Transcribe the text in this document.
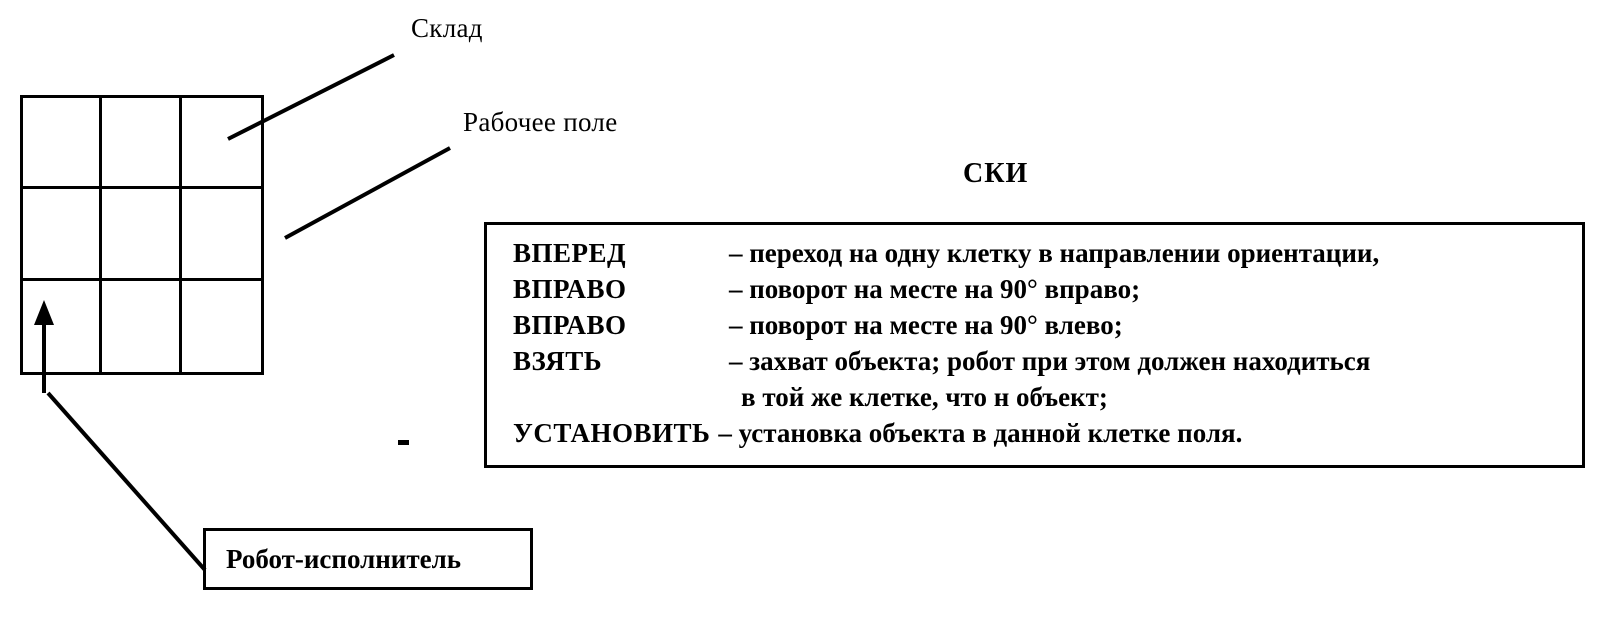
Склад
Рабочее поле
СКИ
ВПЕРЕД	– переход на одну клетку в направлении ориентации,
ВПРАВО	– поворот на месте на 90° вправо;
ВПРАВО	– поворот на месте на 90° влево;
ВЗЯТЬ	– захват объекта; робот при этом должен находиться
в той же клетке, что н объект;
УСТАНОВИТЬ – установка объекта в данной клетке поля.
Робот-исполнитель
